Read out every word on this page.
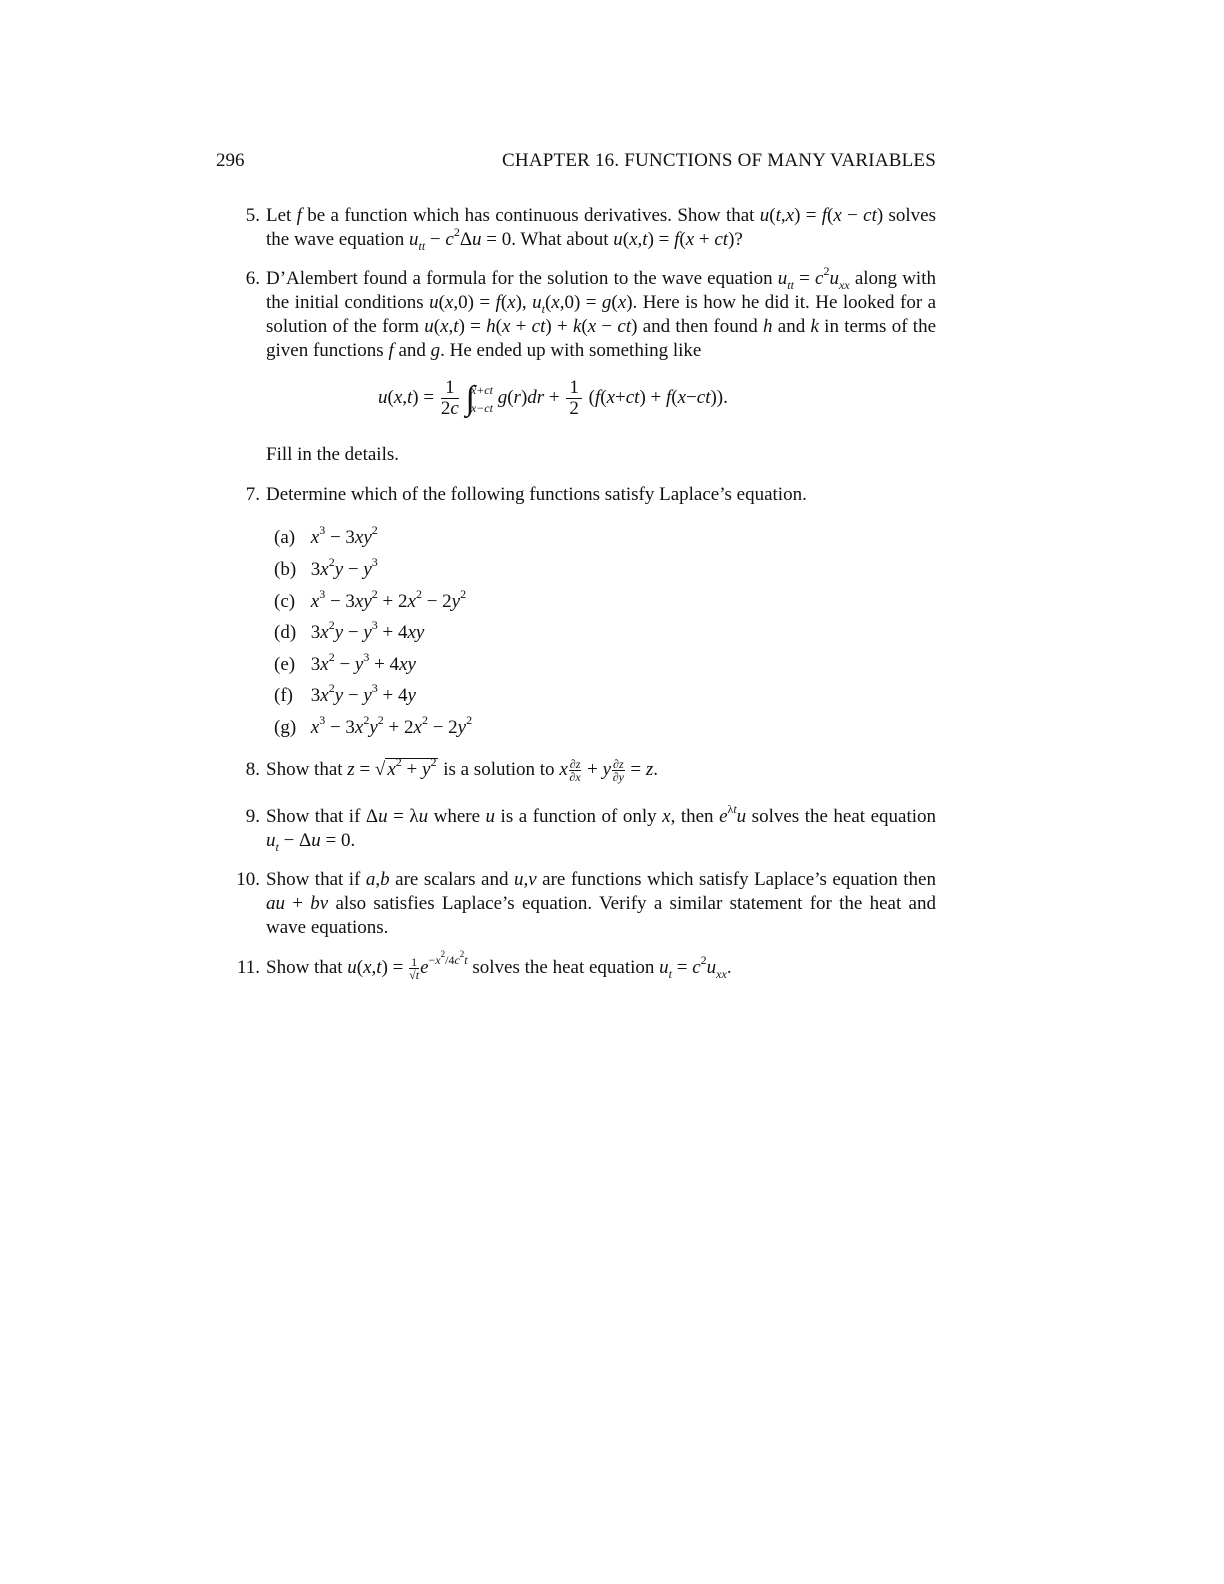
296	CHAPTER 16. FUNCTIONS OF MANY VARIABLES
5. Let f be a function which has continuous derivatives. Show that u(t,x) = f(x − ct) solves the wave equation $u_{tt} - c^2\Delta u = 0$. What about u(x,t) = f(x + ct)?
6. D’Alembert found a formula for the solution to the wave equation $u_{tt} = c^2u_{xx}$ along with the initial conditions u(x,0) = f(x), $u_t(x,0) = g(x)$. Here is how he did it. He looked for a solution of the form u(x,t) = h(x + ct) + k(x − ct) and then found h and k in terms of the given functions f and g. He ended up with something like
$u(x,t) = \frac{1}{2c}$ ∫
x+ct
x−ct $g(r)dr + \frac{1}{2} (f(x+ct) + f(x-ct))$.
Fill in the details.
7. Determine which of the following functions satisfy Laplace’s equation.
(a) $x^3 - 3xy^2$
(b) $3x^2y - y^3$
(c) $x^3 - 3xy^2 + 2x^2 - 2y^2$
(d) $3x^2y - y^3 + 4xy$
(e) $3x^2 - y^3 + 4xy$
(f) $3x^2y - y^3 + 4y$
(g) $x^3 - 3x^2y^2 + 2x^2 - 2y^2$
8. Show that z = √ $x^2 + y^2$ is a solution to x $\frac{\partial z}{\partial x} + y \frac{\partial z}{\partial y} = z$.
9. Show that if Δu = λu where u is a function of only x, then $e^{\lambda t}u$ solves the heat equation $u_t - \Delta u = 0$.
10. Show that if a,b are scalars and u,v are functions which satisfy Laplace’s equation then au + bv also satisfies Laplace’s equation. Verify a similar statement for the heat and wave equations.
11. Show that $u(x,t) = \frac{1}{√t} e^{-x^2/4c^2t}$ solves the heat equation $u_t = c^2u_{xx}$.
